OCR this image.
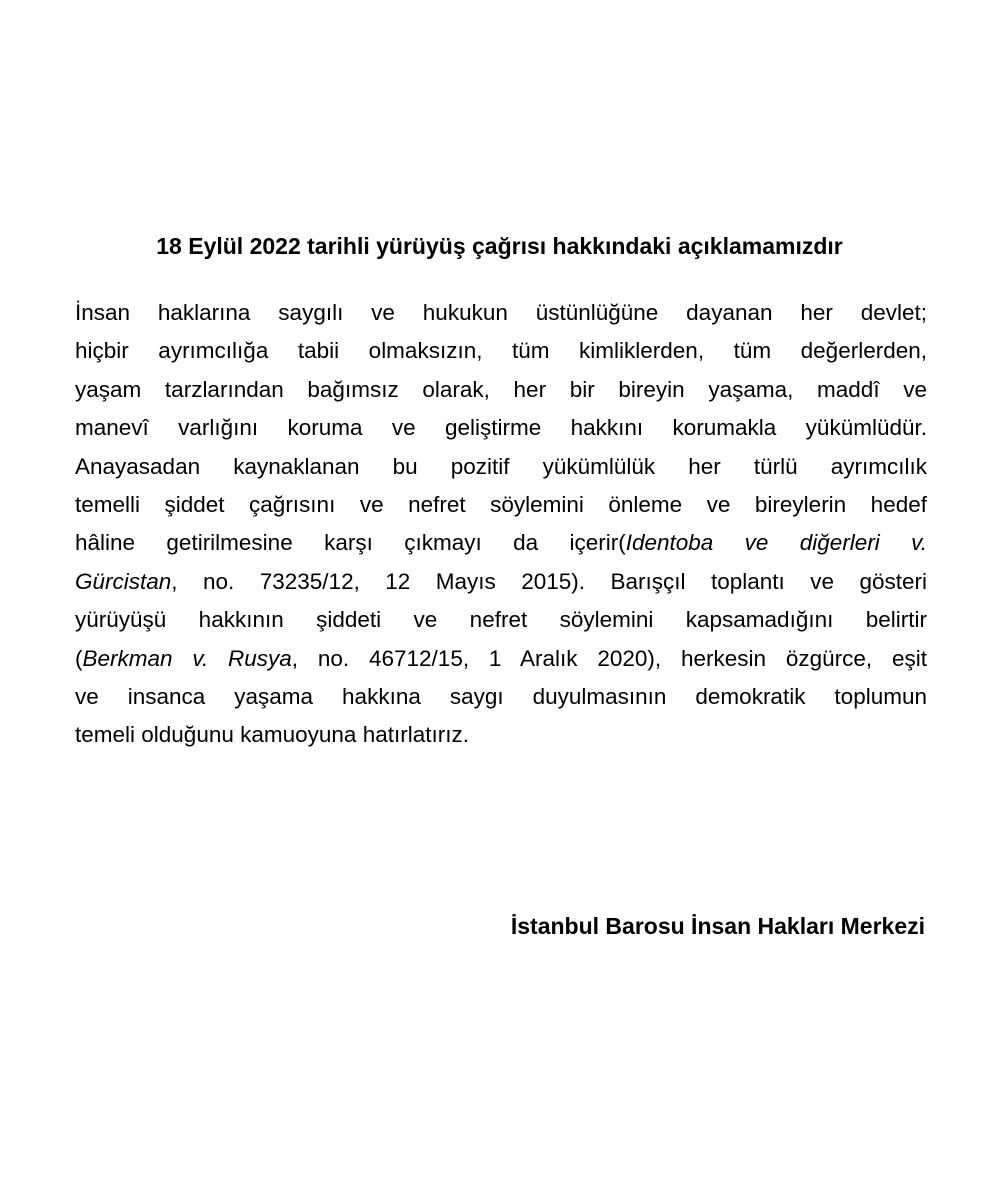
18 Eylül 2022 tarihli yürüyüş çağrısı hakkındaki açıklamamızdır
İnsan haklarına saygılı ve hukukun üstünlüğüne dayanan her devlet;
hiçbir ayrımcılığa tabii olmaksızın, tüm kimliklerden, tüm değerlerden,
yaşam tarzlarından bağımsız olarak, her bir bireyin yaşama, maddî ve
manevî varlığını koruma ve geliştirme hakkını korumakla yükümlüdür.
Anayasadan kaynaklanan bu pozitif yükümlülük her türlü ayrımcılık
temelli şiddet çağrısını ve nefret söylemini önleme ve bireylerin hedef
hâline getirilmesine karşı çıkmayı da içerir(Identoba ve diğerleri v.
Gürcistan, no. 73235/12, 12 Mayıs 2015). Barışçıl toplantı ve gösteri
yürüyüşü hakkının şiddeti ve nefret söylemini kapsamadığını belirtir
(Berkman v. Rusya, no. 46712/15, 1 Aralık 2020), herkesin özgürce, eşit
ve insanca yaşama hakkına saygı duyulmasının demokratik toplumun
temeli olduğunu kamuoyuna hatırlatırız.
İstanbul Barosu İnsan Hakları Merkezi
